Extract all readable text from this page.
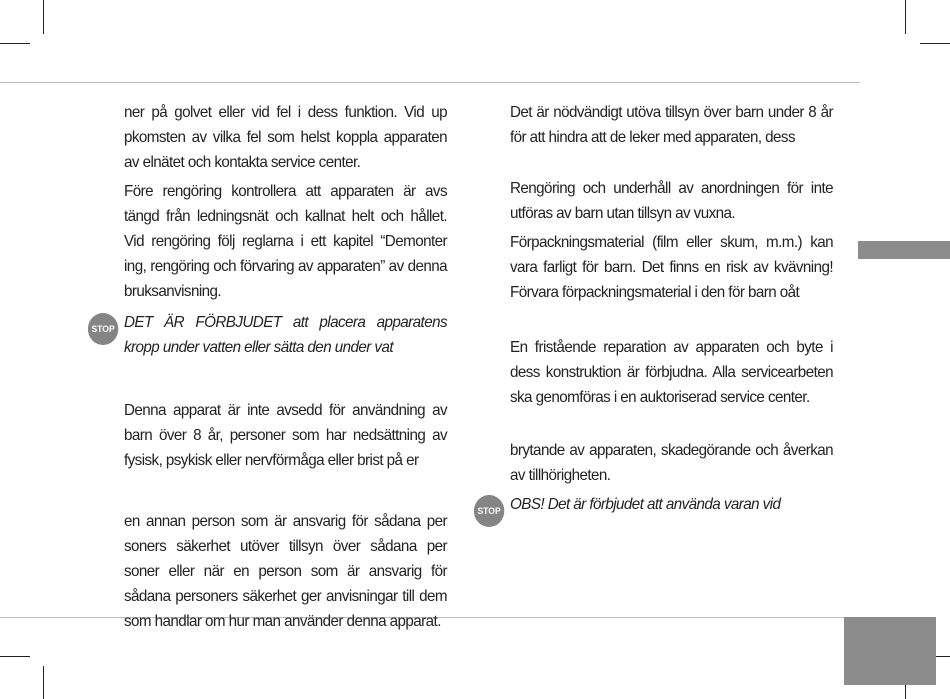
ner på golvet eller vid fel i dess funktion. Vid up pkomsten av vilka fel som helst koppla apparaten av elnätet och kontakta service center.

Före rengöring kontrollera att apparaten är avs tängd från ledningsnät och kallnat helt och hållet. Vid rengöring följ reglarna i ett kapitel “Demonter ing, rengöring och förvaring av apparaten” av denna bruksanvisning.

STOP DET ÄR FÖRBJUDET att placera apparatens kropp under vatten eller sätta den under vat

Denna apparat är inte avsedd för användning av barn över 8 år, personer som har nedsättning av fysisk, psykisk eller nervförmåga eller brist på er

en annan person som är ansvarig för sådana per soners säkerhet utöver tillsyn över sådana per soner eller när en person som är ansvarig för sådana personers säkerhet ger anvisningar till dem som handlar om hur man använder denna apparat.

Det är nödvändigt utöva tillsyn över barn under 8 år för att hindra att de leker med apparaten, dess

Rengöring och underhåll av anordningen för inte utföras av barn utan tillsyn av vuxna.

Förpackningsmaterial (film eller skum, m.m.) kan vara farligt för barn. Det finns en risk av kvävning! Förvara förpackningsmaterial i den för barn oåt

En fristående reparation av apparaten och byte i dess konstruktion är förbjudna. Alla servicearbeten ska genomföras i en auktoriserad service center.

brytande av apparaten, skadegörande och åverkan av tillhörigheten.

STOP OBS! Det är förbjudet att använda varan vid
